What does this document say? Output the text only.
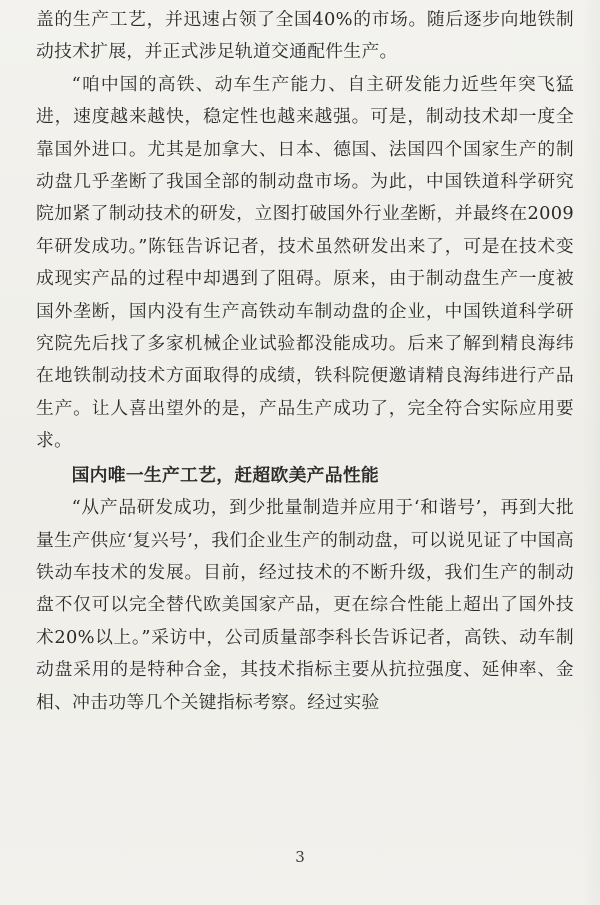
盖的生产工艺，并迅速占领了全国40%的市场。随后逐步向地铁制动技术扩展，并正式涉足轨道交通配件生产。

“咱中国的高铁、动车生产能力、自主研发能力近些年突飞猛进，速度越来越快，稳定性也越来越强。可是，制动技术却一度全靠国外进口。尤其是加拿大、日本、德国、法国四个国家生产的制动盘几乎垄断了我国全部的制动盘市场。为此，中国铁道科学研究院加紧了制动技术的研发，立图打破国外行业垄断，并最终在2009年研发成功。”陈钰告诉记者，技术虽然研发出来了，可是在技术变成现实产品的过程中却遇到了阻碍。原来，由于制动盘生产一度被国外垄断，国内没有生产高铁动车制动盘的企业，中国铁道科学研究院先后找了多家机械企业试验都没能成功。后来了解到精良海纬在地铁制动技术方面取得的成绩，铁科院便邀请精良海纬进行产品生产。让人喜出望外的是，产品生产成功了，完全符合实际应用要求。

国内唯一生产工艺，赶超欧美产品性能

“从产品研发成功，到少批量制造并应用于‘和谐号’，再到大批量生产供应‘复兴号’，我们企业生产的制动盘，可以说见证了中国高铁动车技术的发展。目前，经过技术的不断升级，我们生产的制动盘不仅可以完全替代欧美国家产品，更在综合性能上超出了国外技术20%以上。”采访中，公司质量部李科长告诉记者，高铁、动车制动盘采用的是特种合金，其技术指标主要从抗拉强度、延伸率、金相、冲击功等几个关键指标考察。经过实验

3
